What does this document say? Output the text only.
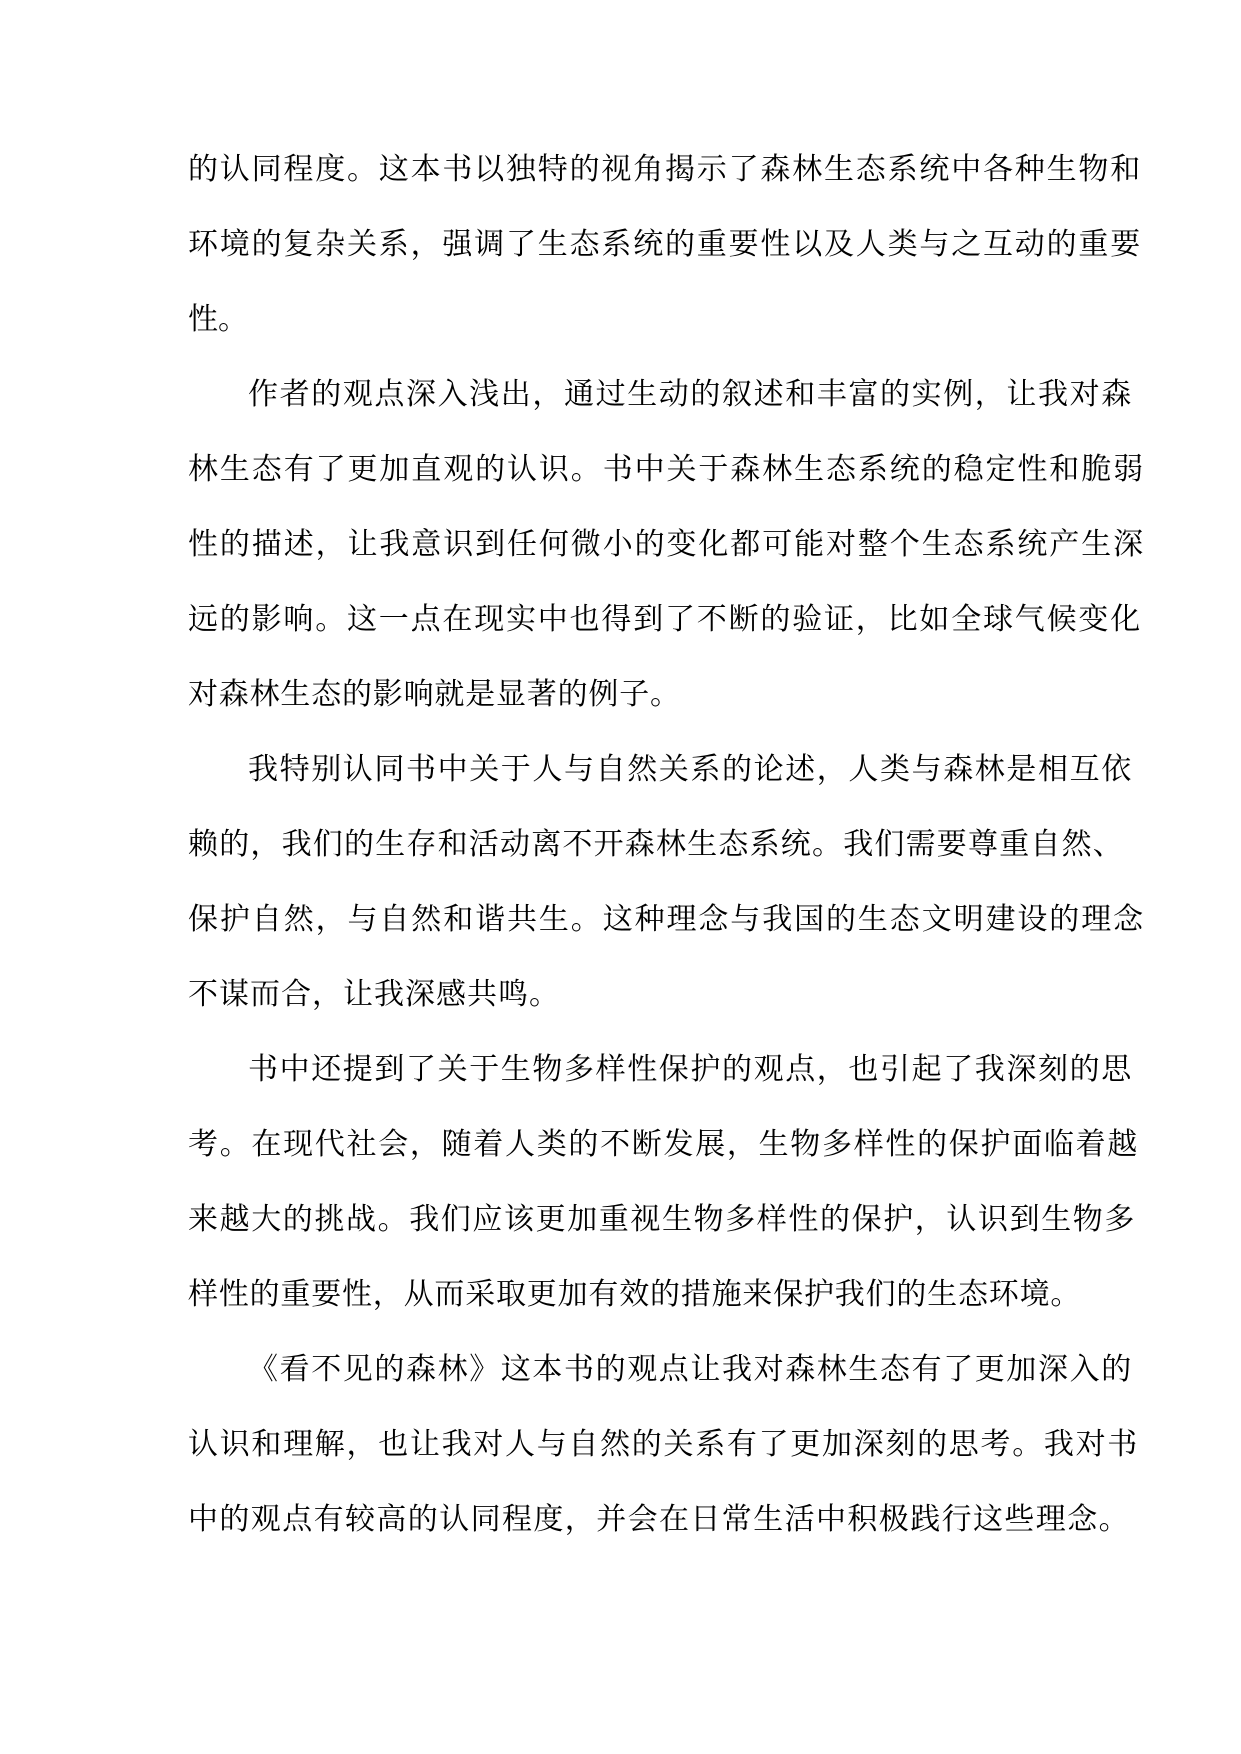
的认同程度。这本书以独特的视角揭示了森林生态系统中各种生物和
环境的复杂关系，强调了生态系统的重要性以及人类与之互动的重要
性。
作者的观点深入浅出，通过生动的叙述和丰富的实例，让我对森
林生态有了更加直观的认识。书中关于森林生态系统的稳定性和脆弱
性的描述，让我意识到任何微小的变化都可能对整个生态系统产生深
远的影响。这一点在现实中也得到了不断的验证，比如全球气候变化
对森林生态的影响就是显著的例子。
我特别认同书中关于人与自然关系的论述，人类与森林是相互依
赖的，我们的生存和活动离不开森林生态系统。我们需要尊重自然、
保护自然，与自然和谐共生。这种理念与我国的生态文明建设的理念
不谋而合，让我深感共鸣。
书中还提到了关于生物多样性保护的观点，也引起了我深刻的思
考。在现代社会，随着人类的不断发展，生物多样性的保护面临着越
来越大的挑战。我们应该更加重视生物多样性的保护，认识到生物多
样性的重要性，从而采取更加有效的措施来保护我们的生态环境。
《看不见的森林》这本书的观点让我对森林生态有了更加深入的
认识和理解，也让我对人与自然的关系有了更加深刻的思考。我对书
中的观点有较高的认同程度，并会在日常生活中积极践行这些理念。
